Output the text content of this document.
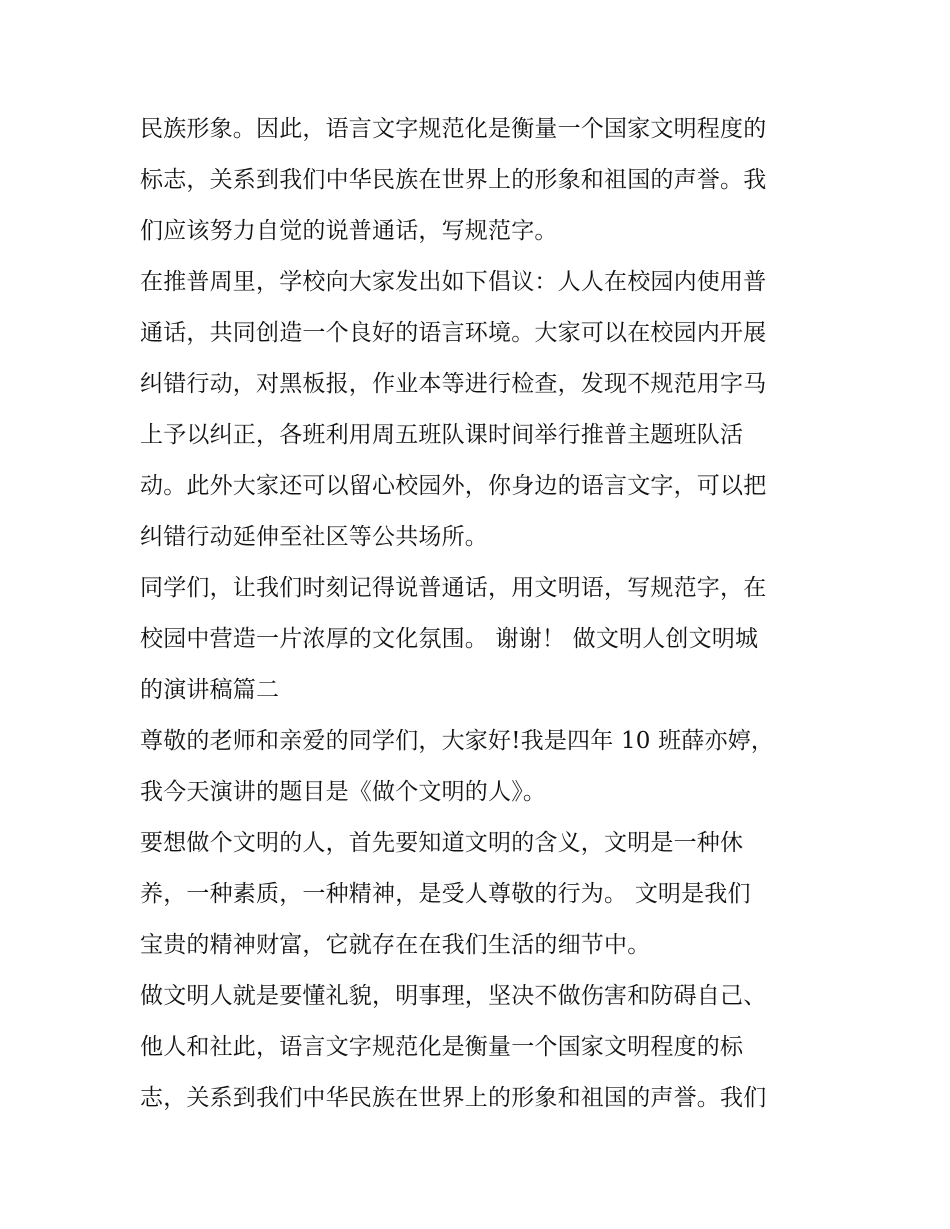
民族形象。因此，语言文字规范化是衡量一个国家文明程度的
标志，关系到我们中华民族在世界上的形象和祖国的声誉。我
们应该努力自觉的说普通话，写规范字。
在推普周里，学校向大家发出如下倡议：人人在校园内使用普
通话，共同创造一个良好的语言环境。大家可以在校园内开展
纠错行动，对黑板报，作业本等进行检查，发现不规范用字马
上予以纠正，各班利用周五班队课时间举行推普主题班队活
动。此外大家还可以留心校园外，你身边的语言文字，可以把
纠错行动延伸至社区等公共场所。
同学们，让我们时刻记得说普通话，用文明语，写规范字，在
校园中营造一片浓厚的文化氛围。 谢谢！ 做文明人创文明城
的演讲稿篇二
尊敬的老师和亲爱的同学们，大家好!我是四年 10 班薛亦婷，
我今天演讲的题目是《做个文明的人》。
要想做个文明的人，首先要知道文明的含义，文明是一种休
养，一种素质，一种精神，是受人尊敬的行为。 文明是我们
宝贵的精神财富，它就存在在我们生活的细节中。
做文明人就是要懂礼貌，明事理，坚决不做伤害和防碍自己、
他人和社此，语言文字规范化是衡量一个国家文明程度的标
志，关系到我们中华民族在世界上的形象和祖国的声誉。我们
